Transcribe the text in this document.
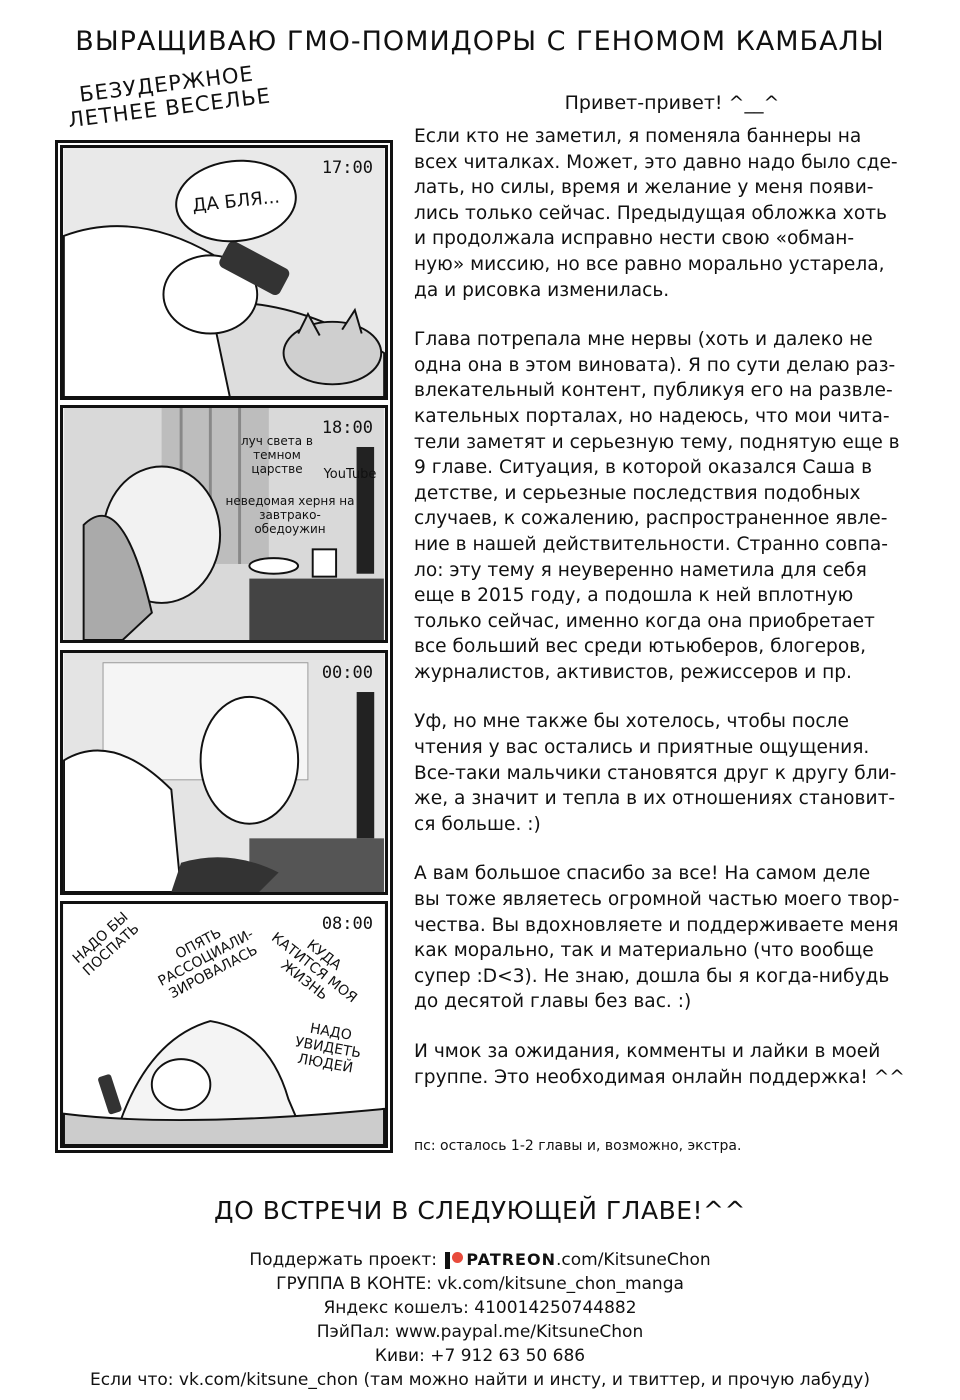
ВЫРАЩИВАЮ ГМО-ПОМИДОРЫ С ГЕНОМОМ КАМБАЛЫ
БЕЗУДЕРЖНОЕ ЛЕТНЕЕ ВЕСЕЛЬЕ
ДА БЛЯ...
17:00
луч света в темном царстве	YouTube
неведомая херня на завтрако-обедоужин
18:00
00:00
НАДО БЫ ПОСПАТЬ	ОПЯТЬ РАССОЦИАЛИ-ЗИРОВАЛАСЬ	КУДА КАТИТСЯ МОЯ ЖИЗНЬ
НАДО УВИДЕТЬ ЛЮДЕЙ
08:00

Привет-привет! ^__^

Если кто не заметил, я поменяла баннеры на
всех читалках. Может, это давно надо было сде-
лать, но силы, время и желание у меня появи-
лись только сейчас. Предыдущая обложка хоть
и продолжала исправно нести свою «обман-
ную» миссию, но все равно морально устарела,
да и рисовка изменилась.

Глава потрепала мне нервы (хоть и далеко не
одна она в этом виновата). Я по сути делаю раз-
влекательный контент, публикуя его на развле-
кательных порталах, но надеюсь, что мои чита-
тели заметят и серьезную тему, поднятую еще в
9 главе. Ситуация, в которой оказался Саша в
детстве, и серьезные последствия подобных
случаев, к сожалению, распространенное явле-
ние в нашей действительности. Странно совпа-
ло: эту тему я неуверенно наметила для себя
еще в 2015 году, а подошла к ней вплотную
только сейчас, именно когда она приобретает
все больший вес среди ютьюберов, блогеров,
журналистов, активистов, режиссеров и пр.

Уф, но мне также бы хотелось, чтобы после
чтения у вас остались и приятные ощущения.
Все-таки мальчики становятся друг к другу бли-
же, а значит и тепла в их отношениях становит-
ся больше. :)

А вам большое спасибо за все! На самом деле
вы тоже являетесь огромной частью моего твор-
чества. Вы вдохновляете и поддерживаете меня
как морально, так и материально (что вообще
супер :D<3). Не знаю, дошла бы я когда-нибудь
до десятой главы без вас. :)

И чмок за ожидания, комменты и лайки в моей
группе. Это необходимая онлайн поддержка! ^^

пс: осталось 1-2 главы и, возможно, экстра.
ДО ВСТРЕЧИ В СЛЕДУЮЩЕЙ ГЛАВЕ!^^
Поддержать проект: PATREON.com/KitsuneChon
ГРУППА В КОНТЕ: vk.com/kitsune_chon_manga
Яндекс кошелъ: 410014250744882
ПэйПал: www.paypal.me/KitsuneChon
Киви: +7 912 63 50 686
Если что: vk.com/kitsune_chon (там можно найти и инсту, и твиттер, и прочую лабуду)
